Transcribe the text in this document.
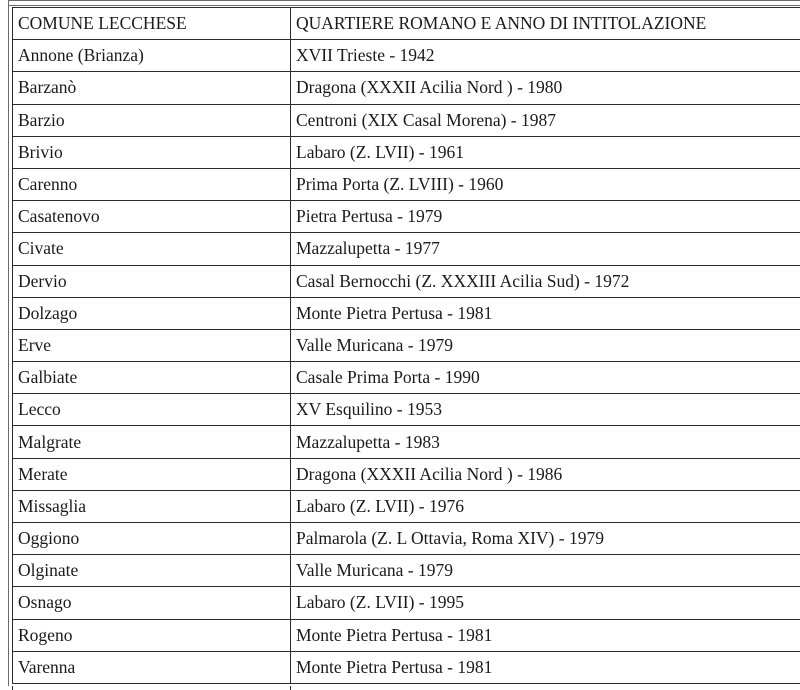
COMUNE LECCHESE	QUARTIERE ROMANO E ANNO DI INTITOLAZIONE
Annone (Brianza)	XVII Trieste - 1942
Barzanò	Dragona (XXXII Acilia Nord ) - 1980
Barzio	Centroni (XIX Casal Morena) - 1987
Brivio	Labaro (Z. LVII) - 1961
Carenno	Prima Porta (Z. LVIII) - 1960
Casatenovo	Pietra Pertusa - 1979
Civate	Mazzalupetta - 1977
Dervio	Casal Bernocchi (Z. XXXIII Acilia Sud) - 1972
Dolzago	Monte Pietra Pertusa - 1981
Erve	Valle Muricana - 1979
Galbiate	Casale Prima Porta - 1990
Lecco	XV Esquilino - 1953
Malgrate	Mazzalupetta - 1983
Merate	Dragona (XXXII Acilia Nord ) - 1986
Missaglia	Labaro (Z. LVII) - 1976
Oggiono	Palmarola (Z. L Ottavia, Roma XIV) - 1979
Olginate	Valle Muricana - 1979
Osnago	Labaro (Z. LVII) - 1995
Rogeno	Monte Pietra Pertusa - 1981
Varenna	Monte Pietra Pertusa - 1981
